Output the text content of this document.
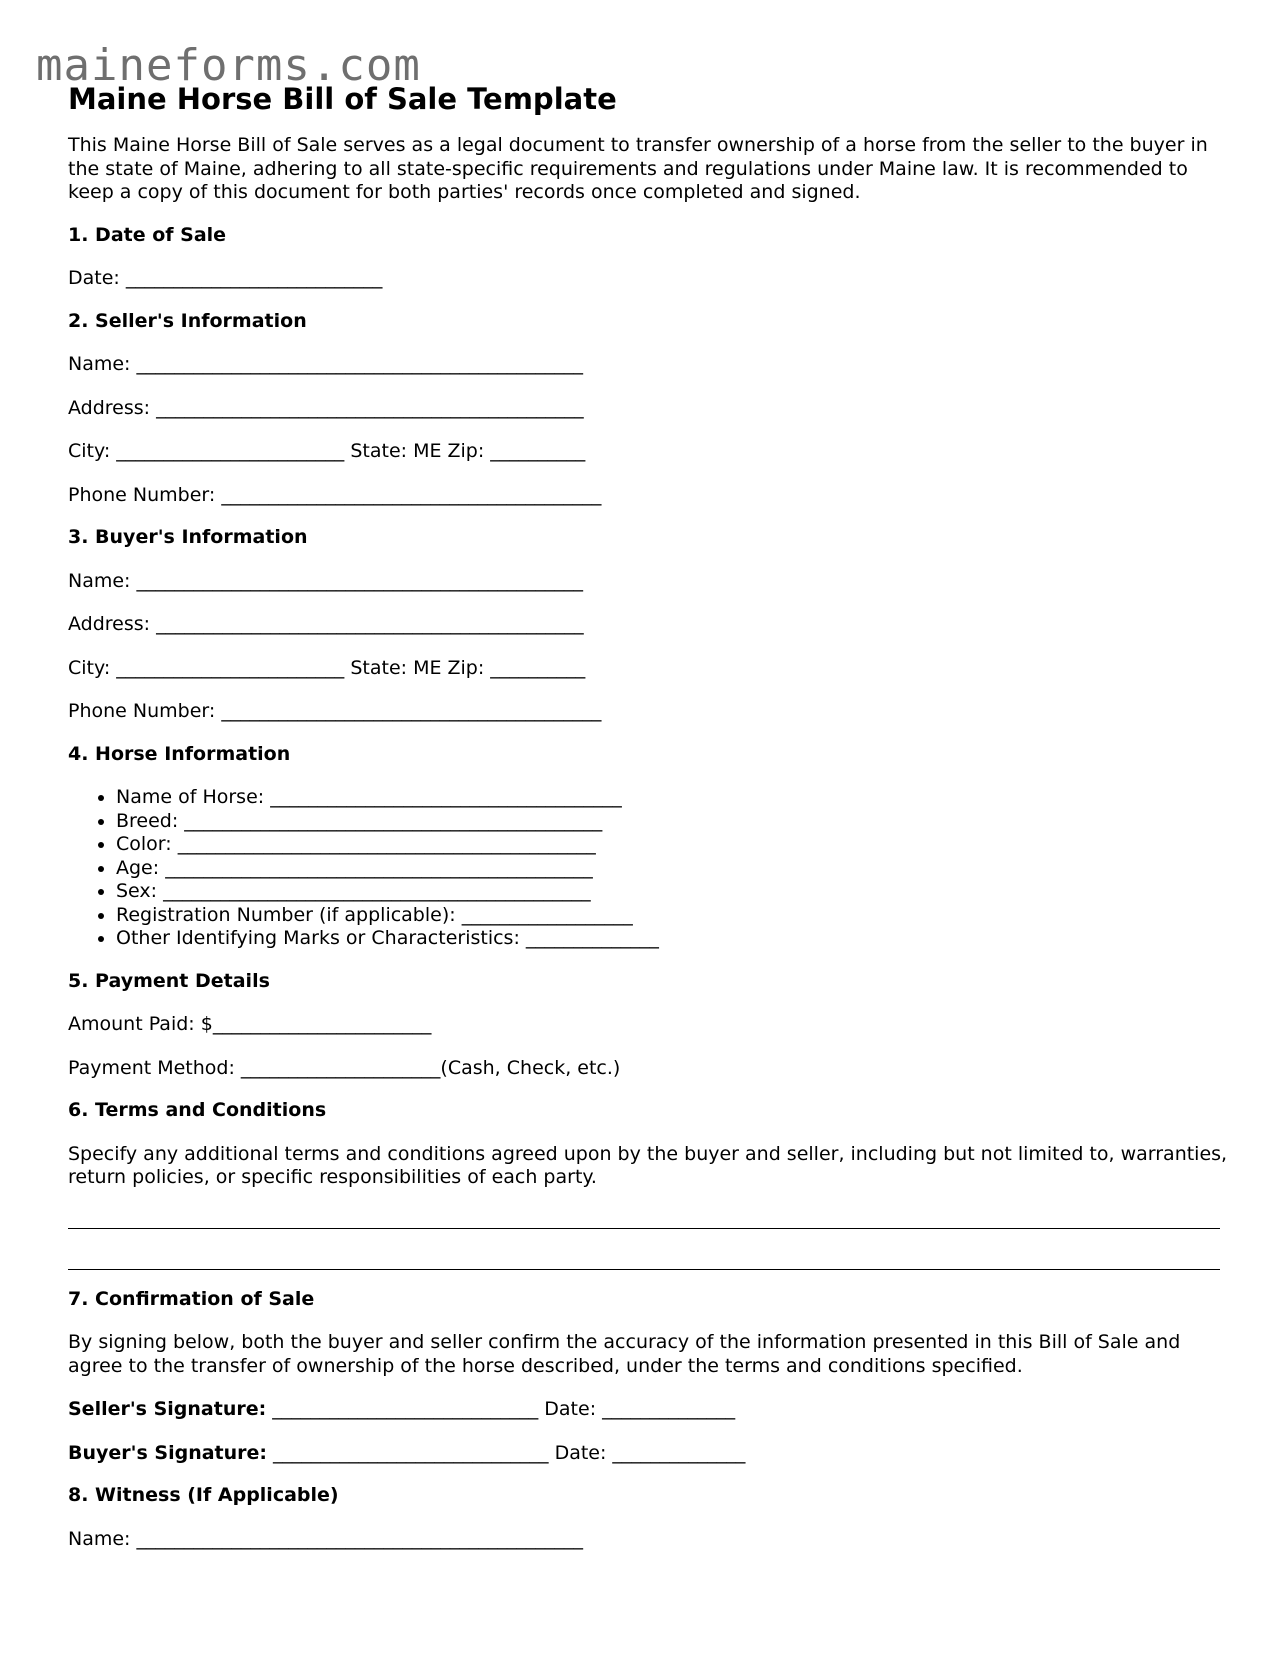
maineforms.com
Maine Horse Bill of Sale Template

This Maine Horse Bill of Sale serves as a legal document to transfer ownership of a horse from the seller to the buyer in the state of Maine, adhering to all state-specific requirements and regulations under Maine law. It is recommended to keep a copy of this document for both parties' records once completed and signed.

1. Date of Sale
Date: ___________________________
2. Seller's Information
Name: _______________________________________________
Address: _____________________________________________
City: ________________________ State: ME Zip: __________
Phone Number: ________________________________________
3. Buyer's Information
Name: _______________________________________________
Address: _____________________________________________
City: ________________________ State: ME Zip: __________
Phone Number: ________________________________________
4. Horse Information
• Name of Horse: _____________________________________
• Breed: ____________________________________________
• Color: ____________________________________________
• Age: _____________________________________________
• Sex: _____________________________________________
• Registration Number (if applicable): __________________
• Other Identifying Marks or Characteristics: ______________
5. Payment Details
Amount Paid: $_______________________
Payment Method: _____________________(Cash, Check, etc.)
6. Terms and Conditions

Specify any additional terms and conditions agreed upon by the buyer and seller, including but not limited to, warranties, return policies, or specific responsibilities of each party.

7. Confirmation of Sale

By signing below, both the buyer and seller confirm the accuracy of the information presented in this Bill of Sale and agree to the transfer of ownership of the horse described, under the terms and conditions specified.

Seller's Signature: ____________________________ Date: ______________
Buyer's Signature: _____________________________ Date: ______________
8. Witness (If Applicable)
Name: _______________________________________________
